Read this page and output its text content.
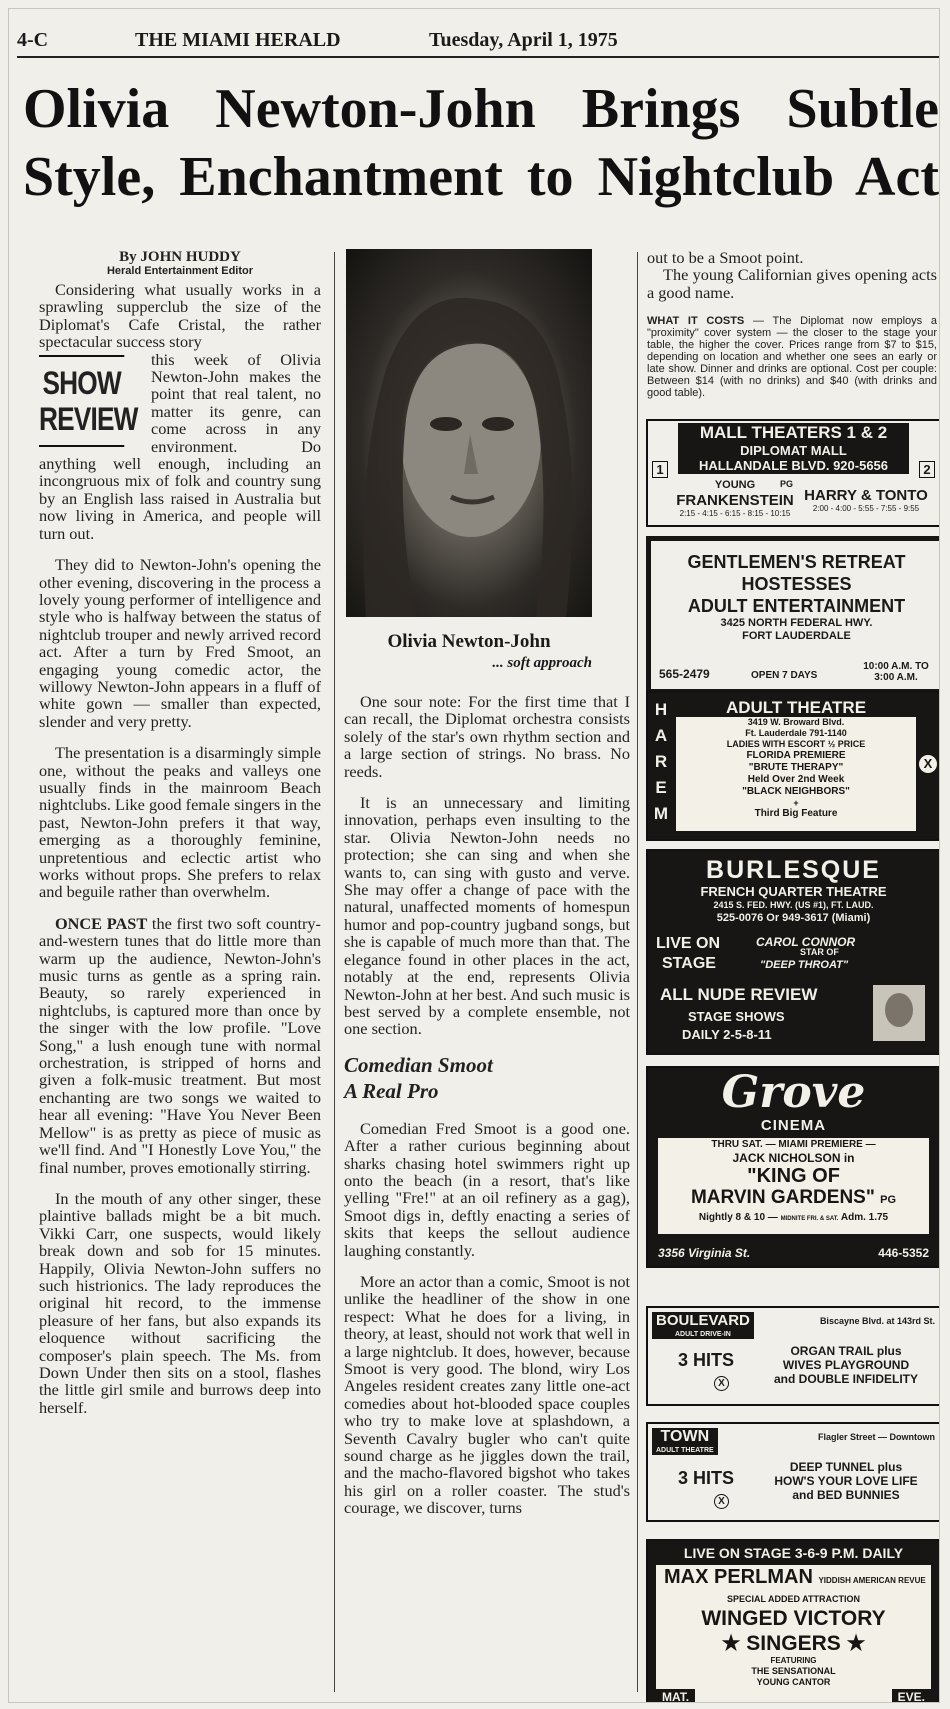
4-C	THE MIAMI HERALD	Tuesday, April 1, 1975
Olivia Newton-John Brings Subtle Style, Enchantment to Nightclub Act
By JOHN HUDDY
Herald Entertainment Editor

Considering what usually works in a sprawling supperclub the size of the Diplomat's Cafe Cristal, the rather spectacular success story

SHOW
REVIEW

this week of Olivia Newton-John makes the point that real talent, no matter its genre, can come across in any environment. Do anything well enough, including an incongruous mix of folk and country sung by an English lass raised in Australia but now living in America, and people will turn out.

They did to Newton-John's opening the other evening, discovering in the process a lovely young performer of intelligence and style who is halfway between the status of nightclub trouper and newly arrived record act. After a turn by Fred Smoot, an engaging young comedic actor, the willowy Newton-John appears in a fluff of white gown — smaller than expected, slender and very pretty.

The presentation is a disarmingly simple one, without the peaks and valleys one usually finds in the mainroom Beach nightclubs. Like good female singers in the past, Newton-John prefers it that way, emerging as a thoroughly feminine, unpretentious and eclectic artist who works without props. She prefers to relax and beguile rather than overwhelm.

ONCE PAST the first two soft country-and-western tunes that do little more than warm up the audience, Newton-John's music turns as gentle as a spring rain. Beauty, so rarely experienced in nightclubs, is captured more than once by the singer with the low profile. "Love Song," a lush enough tune with normal orchestration, is stripped of horns and given a folk-music treatment. But most enchanting are two songs we waited to hear all evening: "Have You Never Been Mellow" is as pretty as piece of music as we'll find. And "I Honestly Love You," the final number, proves emotionally stirring.

In the mouth of any other singer, these plaintive ballads might be a bit much. Vikki Carr, one suspects, would likely break down and sob for 15 minutes. Happily, Olivia Newton-John suffers no such histrionics. The lady reproduces the original hit record, to the immense pleasure of her fans, but also expands its eloquence without sacrificing the composer's plain speech. The Ms. from Down Under then sits on a stool, flashes the little girl smile and burrows deep into herself.

Olivia Newton-John
... soft approach

One sour note: For the first time that I can recall, the Diplomat orchestra consists solely of the star's own rhythm section and a large section of strings. No brass. No reeds.

It is an unnecessary and limiting innovation, perhaps even insulting to the star. Olivia Newton-John needs no protection; she can sing and when she wants to, can sing with gusto and verve. She may offer a change of pace with the natural, unaffected moments of homespun humor and pop-country jugband songs, but she is capable of much more than that. The elegance found in other places in the act, notably at the end, represents Olivia Newton-John at her best. And such music is best served by a complete ensemble, not one section.

Comedian Smoot
A Real Pro

Comedian Fred Smoot is a good one. After a rather curious beginning about sharks chasing hotel swimmers right up onto the beach (in a resort, that's like yelling "Fre!" at an oil refinery as a gag), Smoot digs in, deftly enacting a series of skits that keeps the sellout audience laughing constantly.

More an actor than a comic, Smoot is not unlike the headliner of the show in one respect: What he does for a living, in theory, at least, should not work that well in a large nightclub. It does, however, because Smoot is very good. The blond, wiry Los Angeles resident creates zany little one-act comedies about hot-blooded space couples who try to make love at splashdown, a Seventh Cavalry bugler who can't quite sound charge as he jiggles down the trail, and the macho-flavored bigshot who takes his girl on a roller coaster. The stud's courage, we discover, turns

out to be a Smoot point.

The young Californian gives opening acts a good name.

WHAT IT COSTS — The Diplomat now employs a "proximity" cover system — the closer to the stage your table, the higher the cover. Prices range from $7 to $15, depending on location and whether one sees an early or late show. Dinner and drinks are optional. Cost per couple: Between $14 (with no drinks) and $40 (with drinks and good table).
MALL THEATERS 1 & 2
DIPLOMAT MALL
HALLANDALE BLVD. 920-5656
1	2
YOUNG
FRANKENSTEIN
2:15 - 4:15 - 6:15 - 8:15 - 10:15
PG
HARRY & TONTO
2:00 - 4:00 - 5:55 - 7:55 - 9:55
GENTLEMEN'S RETREAT
HOSTESSES
ADULT ENTERTAINMENT
3425 NORTH FEDERAL HWY.
FORT LAUDERDALE
565-2479	OPEN 7 DAYS
10:00 A.M. TO 3:00 A.M.
HAREM
ADULT THEATRE
3419 W. Broward Blvd.
Ft. Lauderdale 791-1140
LADIES WITH ESCORT ½ PRICE
FLORIDA PREMIERE
"BRUTE THERAPY"
Held Over 2nd Week
"BLACK NEIGHBORS"
+
Third Big Feature
X
BURLESQUE
FRENCH QUARTER THEATRE
2415 S. FED. HWY. (US #1), FT. LAUD.
525-0076 Or 949-3617 (Miami)
LIVE ON	CAROL CONNOR
STAGE
STAR OF
"DEEP THROAT"
ALL NUDE REVIEW
STAGE SHOWS
DAILY 2-5-8-11
Grove
CINEMA
THRU SAT. — MIAMI PREMIERE —
JACK NICHOLSON in
"KING OF
MARVIN GARDENS" PG
Nightly 8 & 10 — MIDNITE FRI. & SAT. Adm. 1.75
3356 Virginia St.	446-5352
BOULEVARD
ADULT DRIVE-IN
Biscayne Blvd. at 143rd St.
3 HITS
X
ORGAN TRAIL plus
WIVES PLAYGROUND
and DOUBLE INFIDELITY
TOWN
ADULT THEATRE
Flagler Street — Downtown
3 HITS
X
DEEP TUNNEL plus
HOW'S YOUR LOVE LIFE
and BED BUNNIES
LIVE ON STAGE 3-6-9 P.M. DAILY
MAX PERLMAN YIDDISH AMERICAN REVUE
SPECIAL ADDED ATTRACTION
WINGED VICTORY
★ SINGERS ★
FEATURING
THE SENSATIONAL
YOUNG CANTOR
MAT.	EVE.
